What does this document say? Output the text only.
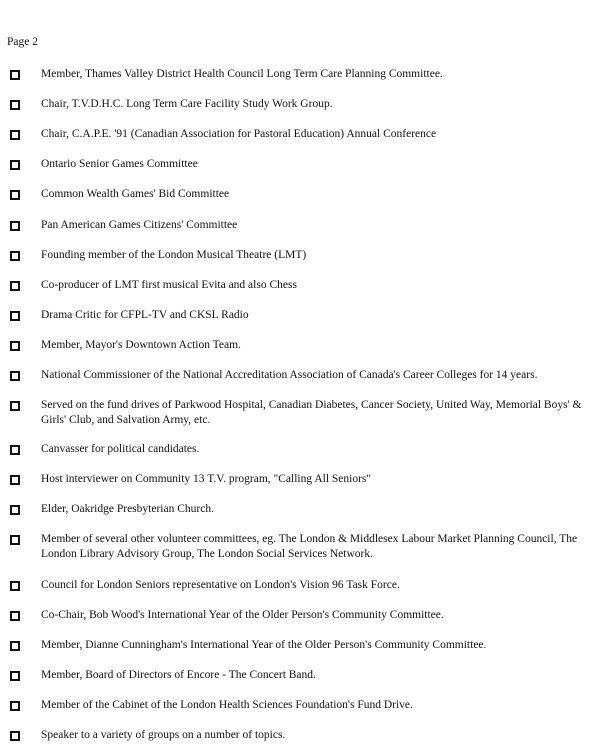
Page 2
Member, Thames Valley District Health Council Long Term Care Planning Committee.
Chair, T.V.D.H.C. Long Term Care Facility Study Work Group.
Chair, C.A.P.E. '91 (Canadian Association for Pastoral Education) Annual Conference
Ontario Senior Games Committee
Common Wealth Games' Bid Committee
Pan American Games Citizens' Committee
Founding member of the London Musical Theatre (LMT)
Co-producer of LMT first musical Evita and also Chess
Drama Critic for CFPL-TV and CKSL Radio
Member, Mayor's Downtown Action Team.
National Commissioner of the National Accreditation Association of Canada's Career Colleges for 14 years.
Served on the fund drives of Parkwood Hospital, Canadian Diabetes, Cancer Society, United Way, Memorial Boys' & Girls' Club, and Salvation Army, etc.
Canvasser for political candidates.
Host interviewer on Community 13 T.V. program, "Calling All Seniors"
Elder, Oakridge Presbyterian Church.
Member of several other volunteer committees, eg. The London & Middlesex Labour Market Planning Council, The London Library Advisory Group, The London Social Services Network.
Council for London Seniors representative on London's Vision 96 Task Force.
Co-Chair, Bob Wood's International Year of the Older Person's Community Committee.
Member, Dianne Cunningham's International Year of the Older Person's Community Committee.
Member, Board of Directors of Encore - The Concert Band.
Member of the Cabinet of the London Health Sciences Foundation's Fund Drive.
Speaker to a variety of groups on a number of topics.
